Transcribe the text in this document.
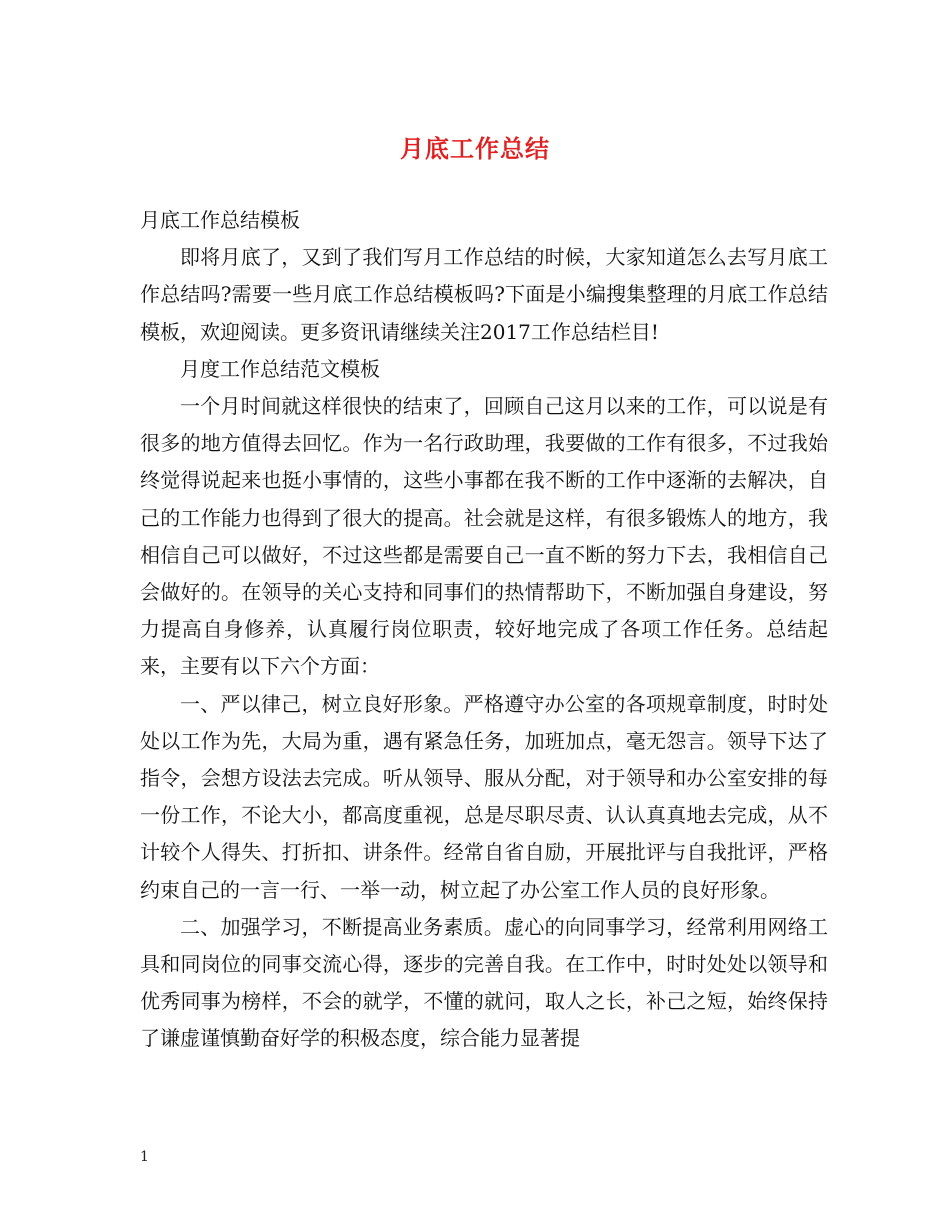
月底工作总结

月底工作总结模板

即将月底了，又到了我们写月工作总结的时候，大家知道怎么去写月底工作总结吗?需要一些月底工作总结模板吗?下面是小编搜集整理的月底工作总结模板，欢迎阅读。更多资讯请继续关注2017工作总结栏目!

月度工作总结范文模板

一个月时间就这样很快的结束了，回顾自己这月以来的工作，可以说是有很多的地方值得去回忆。作为一名行政助理，我要做的工作有很多，不过我始终觉得说起来也挺小事情的，这些小事都在我不断的工作中逐渐的去解决，自己的工作能力也得到了很大的提高。社会就是这样，有很多锻炼人的地方，我相信自己可以做好，不过这些都是需要自己一直不断的努力下去，我相信自己会做好的。在领导的关心支持和同事们的热情帮助下，不断加强自身建设，努力提高自身修养，认真履行岗位职责，较好地完成了各项工作任务。总结起来，主要有以下六个方面：

一、严以律己，树立良好形象。严格遵守办公室的各项规章制度，时时处处以工作为先，大局为重，遇有紧急任务，加班加点，毫无怨言。领导下达了指令，会想方设法去完成。听从领导、服从分配，对于领导和办公室安排的每一份工作，不论大小，都高度重视，总是尽职尽责、认认真真地去完成，从不计较个人得失、打折扣、讲条件。经常自省自励，开展批评与自我批评，严格约束自己的一言一行、一举一动，树立起了办公室工作人员的良好形象。

二、加强学习，不断提高业务素质。虚心的向同事学习，经常利用网络工具和同岗位的同事交流心得，逐步的完善自我。在工作中，时时处处以领导和优秀同事为榜样，不会的就学，不懂的就问，取人之长，补己之短，始终保持了谦虚谨慎勤奋好学的积极态度，综合能力显著提

1
